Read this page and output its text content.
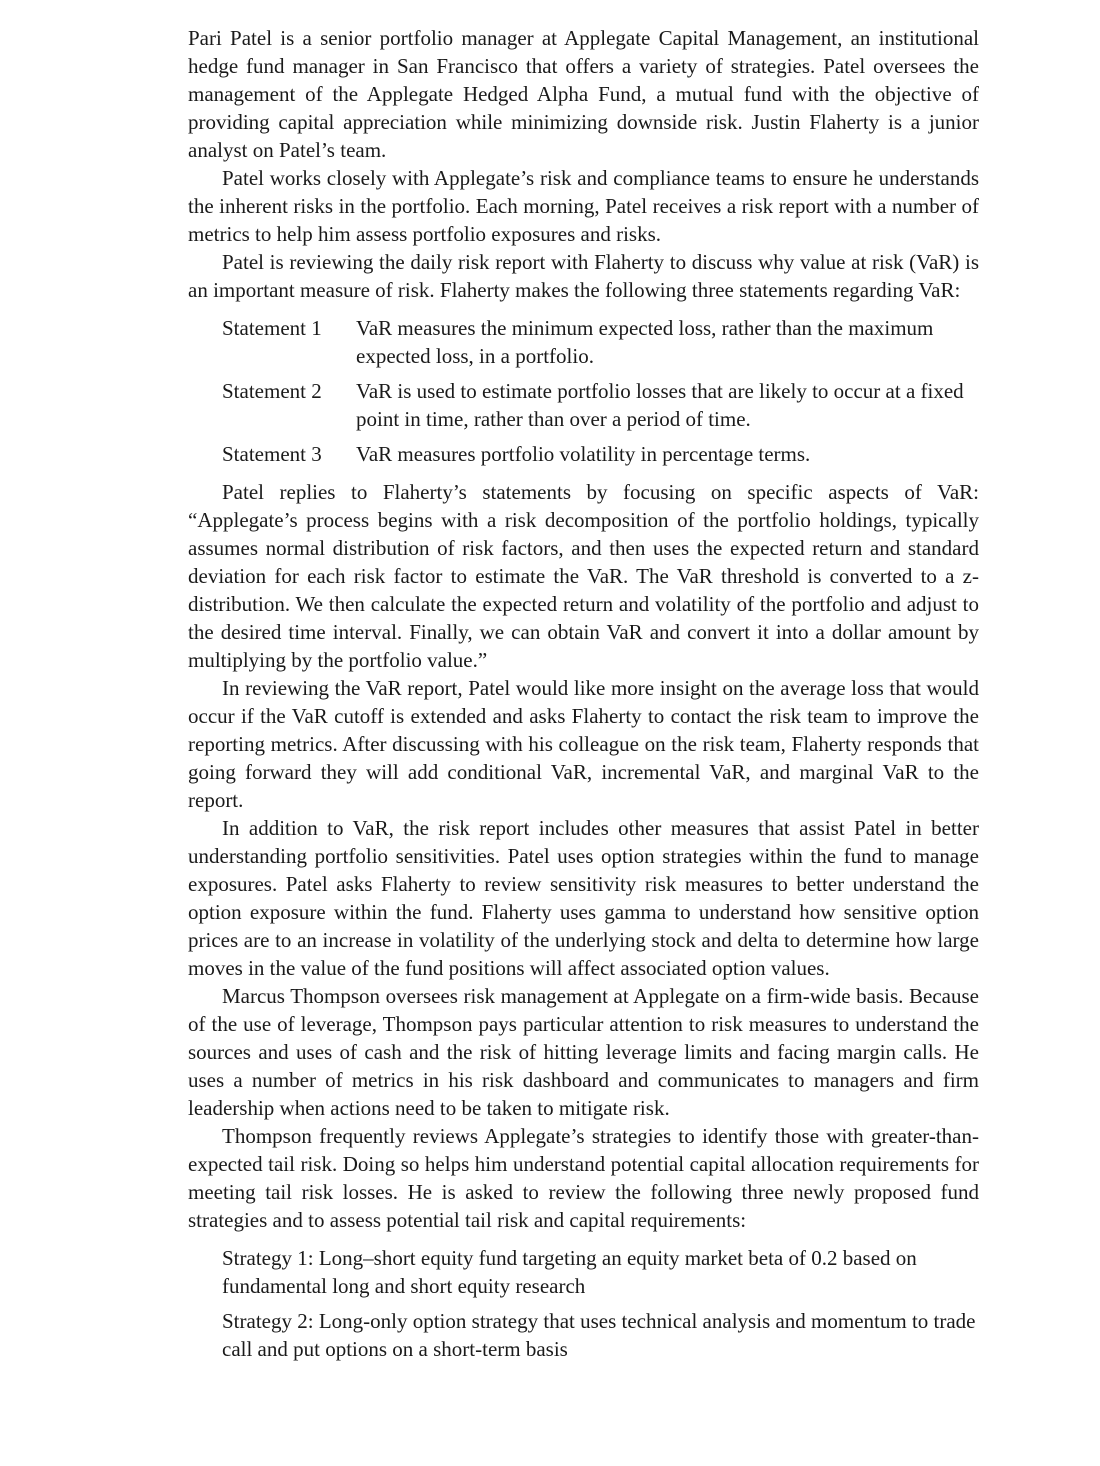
Pari Patel is a senior portfolio manager at Applegate Capital Management, an institutional hedge fund manager in San Francisco that offers a variety of strategies. Patel oversees the management of the Applegate Hedged Alpha Fund, a mutual fund with the objective of providing capital appreciation while minimizing downside risk. Justin Flaherty is a junior analyst on Patel’s team.

Patel works closely with Applegate’s risk and compliance teams to ensure he understands the inherent risks in the portfolio. Each morning, Patel receives a risk report with a number of metrics to help him assess portfolio exposures and risks.

Patel is reviewing the daily risk report with Flaherty to discuss why value at risk (VaR) is an important measure of risk. Flaherty makes the following three statements regarding VaR:

Statement 1	VaR measures the minimum expected loss, rather than the maximum expected loss, in a portfolio.
Statement 2	VaR is used to estimate portfolio losses that are likely to occur at a fixed point in time, rather than over a period of time.
Statement 3	VaR measures portfolio volatility in percentage terms.

Patel replies to Flaherty’s statements by focusing on specific aspects of VaR: “Applegate’s process begins with a risk decomposition of the portfolio holdings, typically assumes normal distribution of risk factors, and then uses the expected return and standard deviation for each risk factor to estimate the VaR. The VaR threshold is converted to a z-distribution. We then calculate the expected return and volatility of the portfolio and adjust to the desired time interval. Finally, we can obtain VaR and convert it into a dollar amount by multiplying by the portfolio value.”

In reviewing the VaR report, Patel would like more insight on the average loss that would occur if the VaR cutoff is extended and asks Flaherty to contact the risk team to improve the reporting metrics. After discussing with his colleague on the risk team, Flaherty responds that going forward they will add conditional VaR, incremental VaR, and marginal VaR to the report.

In addition to VaR, the risk report includes other measures that assist Patel in better understanding portfolio sensitivities. Patel uses option strategies within the fund to manage exposures. Patel asks Flaherty to review sensitivity risk measures to better understand the option exposure within the fund. Flaherty uses gamma to understand how sensitive option prices are to an increase in volatility of the underlying stock and delta to determine how large moves in the value of the fund positions will affect associated option values.

Marcus Thompson oversees risk management at Applegate on a firm-wide basis. Because of the use of leverage, Thompson pays particular attention to risk measures to understand the sources and uses of cash and the risk of hitting leverage limits and facing margin calls. He uses a number of metrics in his risk dashboard and communicates to managers and firm leadership when actions need to be taken to mitigate risk.

Thompson frequently reviews Applegate’s strategies to identify those with greater-than-expected tail risk. Doing so helps him understand potential capital allocation requirements for meeting tail risk losses. He is asked to review the following three newly proposed fund strategies and to assess potential tail risk and capital requirements:

Strategy 1: Long–short equity fund targeting an equity market beta of 0.2 based on fundamental long and short equity research
Strategy 2: Long-only option strategy that uses technical analysis and momentum to trade call and put options on a short-term basis
